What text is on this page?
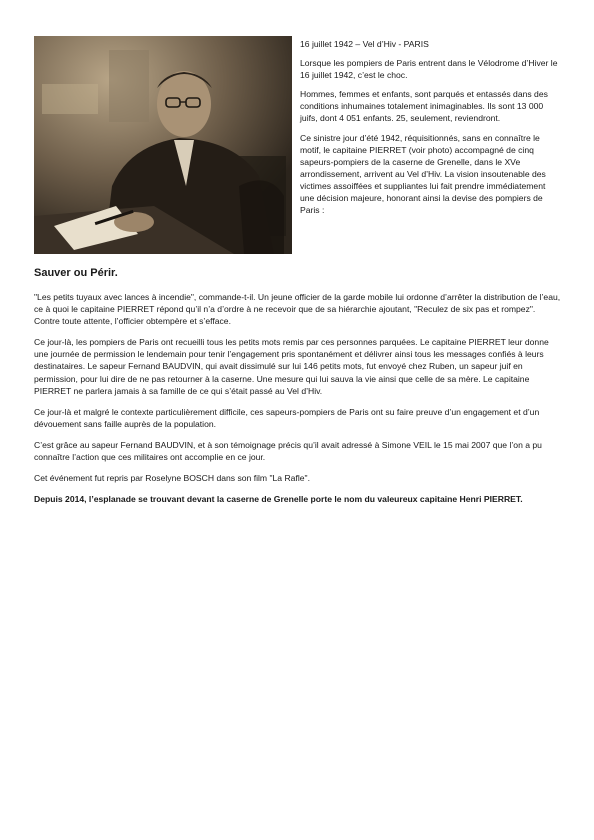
16 juillet 1942 – Vel d’Hiv - PARIS

Lorsque les pompiers de Paris entrent dans le Vélodrome d’Hiver le 16 juillet 1942, c’est le choc.

Hommes, femmes et enfants, sont parqués et entassés dans des conditions inhumaines totalement inimaginables. Ils sont 13 000 juifs, dont 4 051 enfants. 25, seulement, reviendront.

Ce sinistre jour d’été 1942, réquisitionnés, sans en connaître le motif, le capitaine PIERRET (voir photo) accompagné de cinq sapeurs-pompiers de la caserne de Grenelle, dans le XVe arrondissement, arrivent au Vel d’Hiv. La vision insoutenable des victimes assoiffées et suppliantes lui fait prendre immédiatement une décision majeure, honorant ainsi la devise des pompiers de Paris :

Sauver ou Périr.

"Les petits tuyaux avec lances à incendie", commande-t-il. Un jeune officier de la garde mobile lui ordonne d’arrêter la distribution de l’eau, ce à quoi le capitaine PIERRET répond qu’il n’a d’ordre à ne recevoir que de sa hiérarchie ajoutant, "Reculez de six pas et rompez". Contre toute attente, l’officier obtempère et s’efface.

Ce jour-là, les pompiers de Paris ont recueilli tous les petits mots remis par ces personnes parquées. Le capitaine PIERRET leur donne une journée de permission le lendemain pour tenir l’engagement pris spontanément et délivrer ainsi tous les messages confiés à leurs destinataires. Le sapeur Fernand BAUDVIN, qui avait dissimulé sur lui 146 petits mots, fut envoyé chez Ruben, un sapeur juif en permission, pour lui dire de ne pas retourner à la caserne. Une mesure qui lui sauva la vie ainsi que celle de sa mère. Le capitaine PIERRET ne parlera jamais à sa famille de ce qui s’était passé au Vel d’Hiv.

Ce jour-là et malgré le contexte particulièrement difficile, ces sapeurs-pompiers de Paris ont su faire preuve d’un engagement et d’un dévouement sans faille auprès de la population.

C’est grâce au sapeur Fernand BAUDVIN, et à son témoignage précis qu’il avait adressé à Simone VEIL le 15 mai 2007 que l’on a pu connaître l’action que ces militaires ont accomplie en ce jour.

Cet événement fut repris par Roselyne BOSCH dans son film "La Rafle".

Depuis 2014, l’esplanade se trouvant devant la caserne de Grenelle porte le nom du valeureux capitaine Henri PIERRET.
